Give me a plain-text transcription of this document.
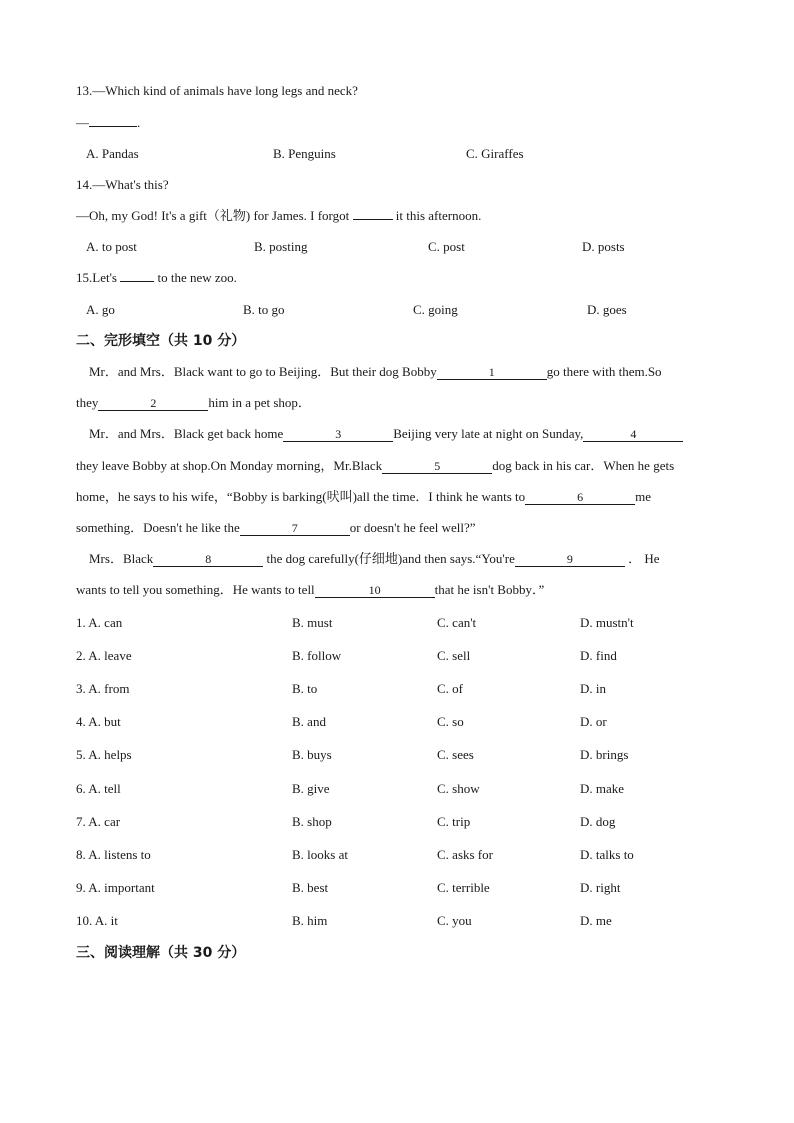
13.—Which kind of animals have long legs and neck?
—	.
A. Pandas	B. Penguins	C. Giraffes
14.—What's this?
—Oh, my God! It's a gift（礼物) for James. I forgot	it this afternoon.
A. to post	B. posting	C. post	D. posts
15.Let's	to the new zoo.
A. go	B. to go	C. going	D. goes
二、完形填空（共 10 分）
Mr．and Mrs．Black want to go to Beijing．But their dog Bobby	1	go there with them.So
they	2	him in a pet shop．
Mr．and Mrs．Black get back home	3	Beijing very late at night on Sunday,	4
they leave Bobby at shop.On Monday morning，Mr.Black	5	dog back in his car．When he gets
home，he says to his wife，“Bobby is barking(吠叫)all the time．I think he wants to	6	me
something．Doesn't he like the	7	or doesn't he feel well?”
Mrs．Black	8	the dog carefully(仔细地)and then says.“You're	9	． He
wants to tell you something．He wants to tell	10	that he isn't Bobby．”
1. A. can	B. must	C. can't	D. mustn't
2. A. leave	B. follow	C. sell	D. find
3. A. from	B. to	C. of	D. in
4. A. but	B. and	C. so	D. or
5. A. helps	B. buys	C. sees	D. brings
6. A. tell	B. give	C. show	D. make
7. A. car	B. shop	C. trip	D. dog
8. A. listens to	B. looks at	C. asks for	D. talks to
9. A. important	B. best	C. terrible	D. right
10. A. it	B. him	C. you	D. me
三、阅读理解（共 30 分）
